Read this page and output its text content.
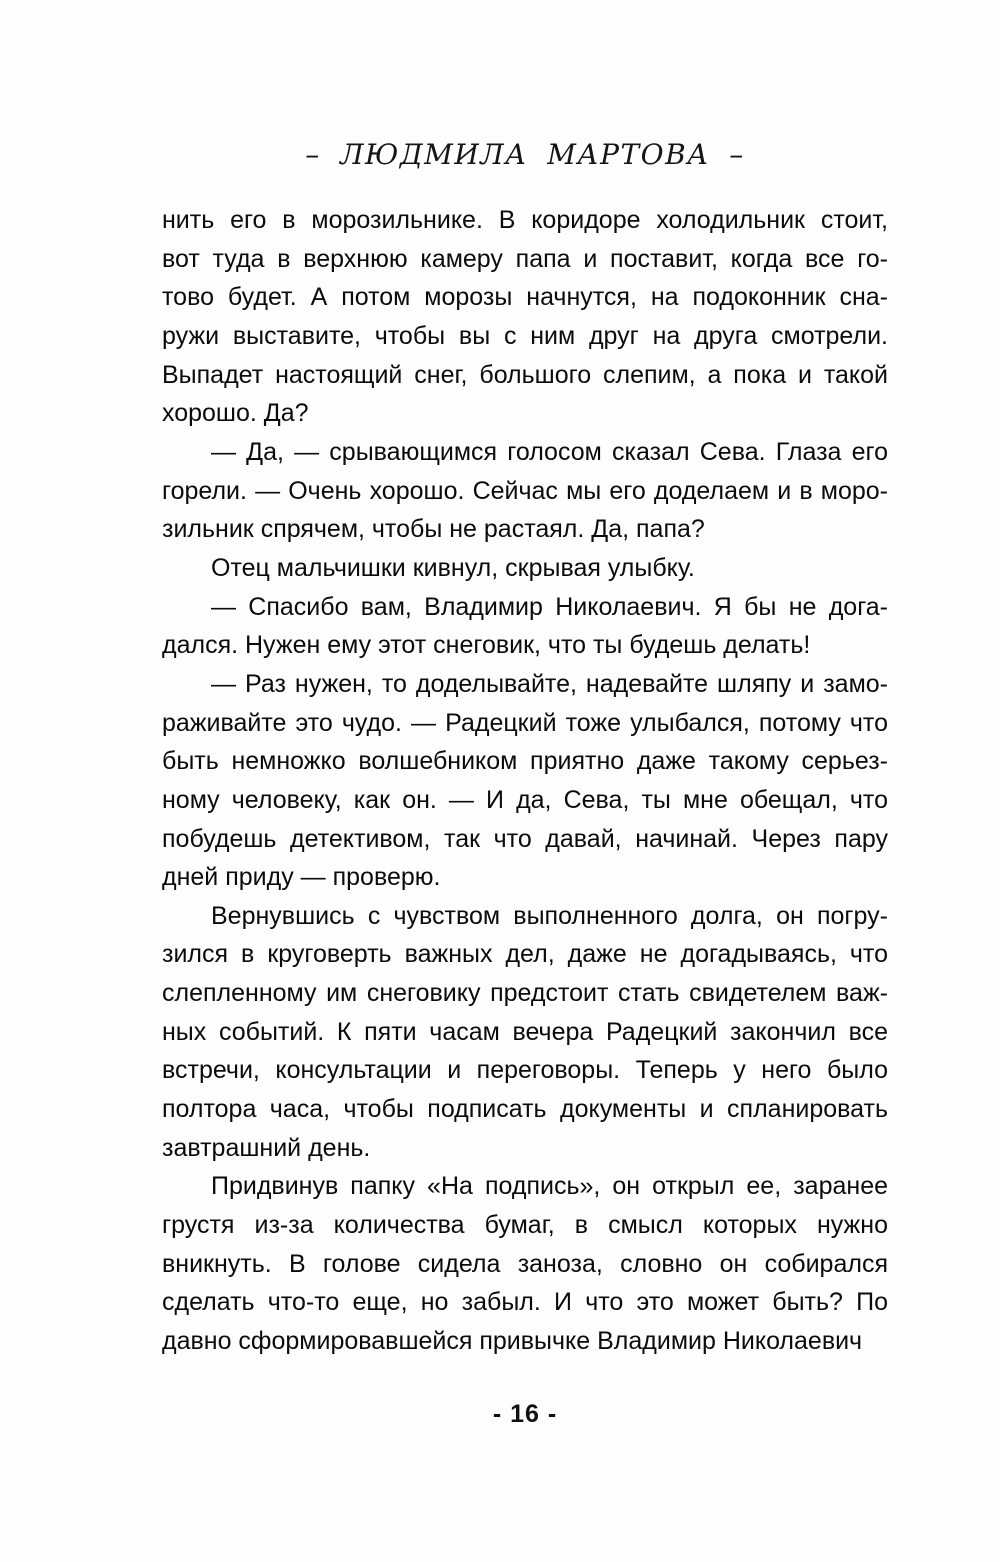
– ЛЮДМИЛА МАРТОВА –
нить его в морозильнике. В коридоре холодильник стоит,
вот туда в верхнюю камеру папа и поставит, когда все го-
тово будет. А потом морозы начнутся, на подоконник сна-
ружи выставите, чтобы вы с ним друг на друга смотрели.
Выпадет настоящий снег, большого слепим, а пока и такой
хорошо. Да?
— Да, — срывающимся голосом сказал Сева. Глаза его
горели. — Очень хорошо. Сейчас мы его доделаем и в моро-
зильник спрячем, чтобы не растаял. Да, папа?
Отец мальчишки кивнул, скрывая улыбку.
— Спасибо вам, Владимир Николаевич. Я бы не дога-
дался. Нужен ему этот снеговик, что ты будешь делать!
— Раз нужен, то доделывайте, надевайте шляпу и замо-
раживайте это чудо. — Радецкий тоже улыбался, потому что
быть немножко волшебником приятно даже такому серьез-
ному человеку, как он. — И да, Сева, ты мне обещал, что
побудешь детективом, так что давай, начинай. Через пару
дней приду — проверю.
Вернувшись с чувством выполненного долга, он погру-
зился в круговерть важных дел, даже не догадываясь, что
слепленному им снеговику предстоит стать свидетелем важ-
ных событий. К пяти часам вечера Радецкий закончил все
встречи, консультации и переговоры. Теперь у него было
полтора часа, чтобы подписать документы и спланировать
завтрашний день.
Придвинув папку «На подпись», он открыл ее, заранее
грустя из-за количества бумаг, в смысл которых нужно
вникнуть. В голове сидела заноза, словно он собирался
сделать что-то еще, но забыл. И что это может быть? По
давно сформировавшейся привычке Владимир Николаевич
- 16 -
